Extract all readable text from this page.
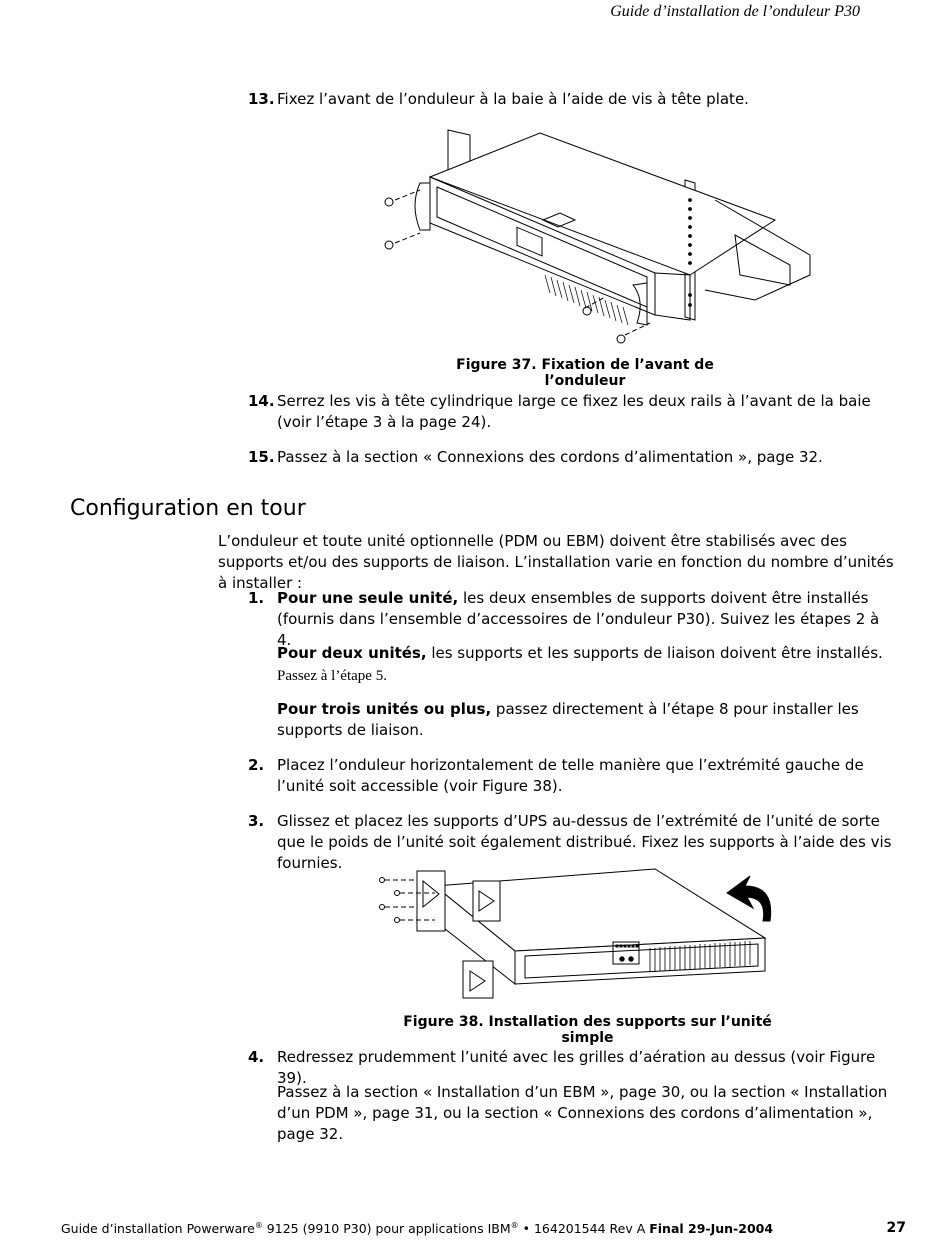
Guide d’installation de l’onduleur P30
13. Fixez l’avant de l’onduleur à la baie à l’aide de vis à tête plate.
Figure 37. Fixation de l’avant de l’onduleur
14. Serrez les vis à tête cylindrique large ce fixez les deux rails à l’avant de la baie (voir l’étape 3 à la page 24).
15. Passez à la section « Connexions des cordons d’alimentation », page 32.
Configuration en tour
L’onduleur et toute unité optionnelle (PDM ou EBM) doivent être stabilisés avec des supports et/ou des supports de liaison. L’installation varie en fonction du nombre d’unités à installer :
1. Pour une seule unité, les deux ensembles de supports doivent être installés (fournis dans l’ensemble d’accessoires de l’onduleur P30). Suivez les étapes 2 à 4.
Pour deux unités, les supports et les supports de liaison doivent être installés. Passez à l’étape 5.
Pour trois unités ou plus, passez directement à l’étape 8 pour installer les supports de liaison.
2. Placez l’onduleur horizontalement de telle manière que l’extrémité gauche de l’unité soit accessible (voir Figure 38).
3. Glissez et placez les supports d’UPS au-dessus de l’extrémité de l’unité de sorte que le poids de l’unité soit également distribué. Fixez les supports à l’aide des vis fournies.
Figure 38. Installation des supports sur l’unité simple
4. Redressez prudemment l’unité avec les grilles d’aération au dessus (voir Figure 39).
Passez à la section « Installation d’un EBM », page 30, ou la section « Installation d’un PDM », page 31, ou la section « Connexions des cordons d’alimentation », page 32.
Guide d’installation Powerware® 9125 (9910 P30) pour applications IBM® • 164201544 Rev A Final 29-Jun-2004	27
